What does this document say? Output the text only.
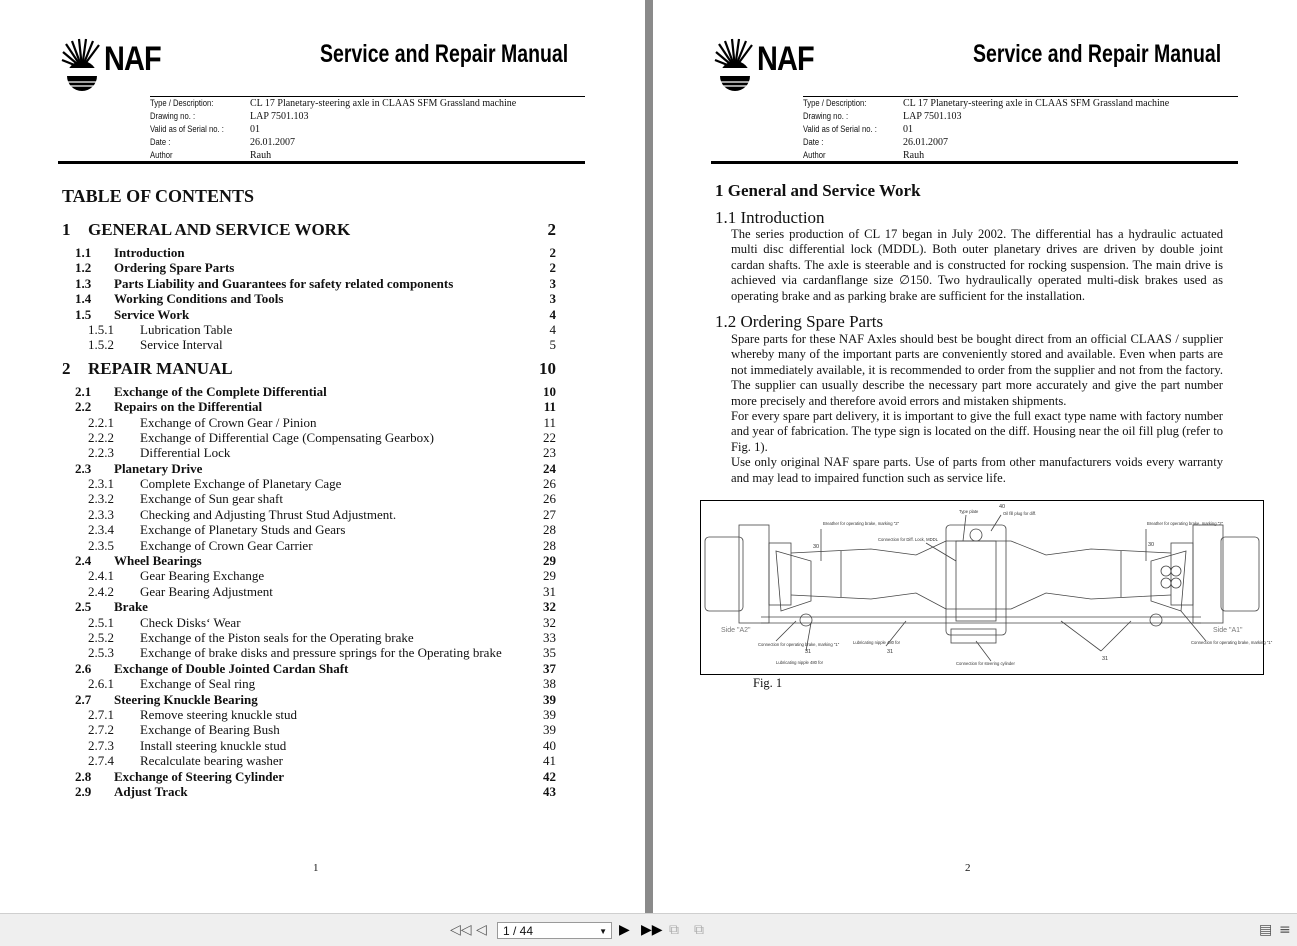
NAF	Service and Repair Manual
Type / Description:	CL 17 Planetary-steering axle in CLAAS SFM Grassland machine
Drawing no. :	LAP 7501.103
Valid as of Serial no. :	01
Date :	26.01.2007
Author	Rauh
TABLE OF CONTENTS
1	GENERAL AND SERVICE WORK	2
1.1	Introduction	2
1.2	Ordering Spare Parts	2
1.3	Parts Liability and Guarantees for safety related components	3
1.4	Working Conditions and Tools	3
1.5	Service Work	4
1.5.1	Lubrication Table	4
1.5.2	Service Interval	5
2	REPAIR MANUAL	10
2.1	Exchange of the Complete Differential	10
2.2	Repairs on the Differential	11
2.2.1	Exchange of Crown Gear / Pinion	11
2.2.2	Exchange of Differential Cage (Compensating Gearbox)	22
2.2.3	Differential Lock	23
2.3	Planetary Drive	24
2.3.1	Complete Exchange of Planetary Cage	26
2.3.2	Exchange of Sun gear shaft	26
2.3.3	Checking and Adjusting Thrust Stud Adjustment.	27
2.3.4	Exchange of Planetary Studs and Gears	28
2.3.5	Exchange of Crown Gear Carrier	28
2.4	Wheel Bearings	29
2.4.1	Gear Bearing Exchange	29
2.4.2	Gear Bearing Adjustment	31
2.5	Brake	32
2.5.1	Check Disks‘ Wear	32
2.5.2	Exchange of the Piston seals for the Operating brake	33
2.5.3	Exchange of brake disks and pressure springs for the Operating brake	35
2.6	Exchange of Double Jointed Cardan Shaft	37
2.6.1	Exchange of Seal ring	38
2.7	Steering Knuckle Bearing	39
2.7.1	Remove steering knuckle stud	39
2.7.2	Exchange of Bearing Bush	39
2.7.3	Install steering knuckle stud	40
2.7.4	Recalculate bearing washer	41
2.8	Exchange of Steering Cylinder	42
2.9	Adjust Track	43
1
NAF	Service and Repair Manual
Type / Description:	CL 17 Planetary-steering axle in CLAAS SFM Grassland machine
Drawing no. :	LAP 7501.103
Valid as of Serial no. :	01
Date :	26.01.2007
Author	Rauh
1 General and Service Work
1.1 Introduction

The series production of CL 17 began in July 2002. The differential has a hydraulic actuated multi disc differential lock (MDDL). Both outer planetary drives are driven by double joint cardan shafts. The axle is steerable and is constructed for rocking suspension. The main drive is achieved via cardanflange size ∅150. Two hydraulically operated multi-disk brakes used as operating brake and as parking brake are sufficient for the installation.

1.2 Ordering Spare Parts

Spare parts for these NAF Axles should best be bought direct from an official CLAAS / supplier whereby many of the important parts are conveniently stored and available. Even when parts are not immediately available, it is recommended to order from the supplier and not from the factory. The supplier can usually describe the necessary part more accurately and give the part number more precisely and therefore avoid errors and mistaken shipments.

For every spare part delivery, it is important to give the full exact type name with factory number and year of fabrication. The type sign is located on the diff. Housing near the oil fill plug (refer to Fig. 1).

Use only original NAF spare parts. Use of parts from other manufacturers voids every warranty and may lead to impaired function such as service life.

Side "A2"	Side "A1"
Type plate	Oil fill plug for diff.
Breather for operating brake, marking "2"	Breather for operating brake, marking "2"
Connection for Diff. Lock, MDDL
Connection for operating brake, marking "1"	Connection for operating brake, marking "1"
Lubricating nipple 480 for
Lubricating nipple 480 for
Connection for steering cylinder
30	30
40
31	31
31
Fig. 1
2
◁◁ ◁	1 / 44	▼ ▶ ▶▶ ⧉ ⧉	▤ ≡
